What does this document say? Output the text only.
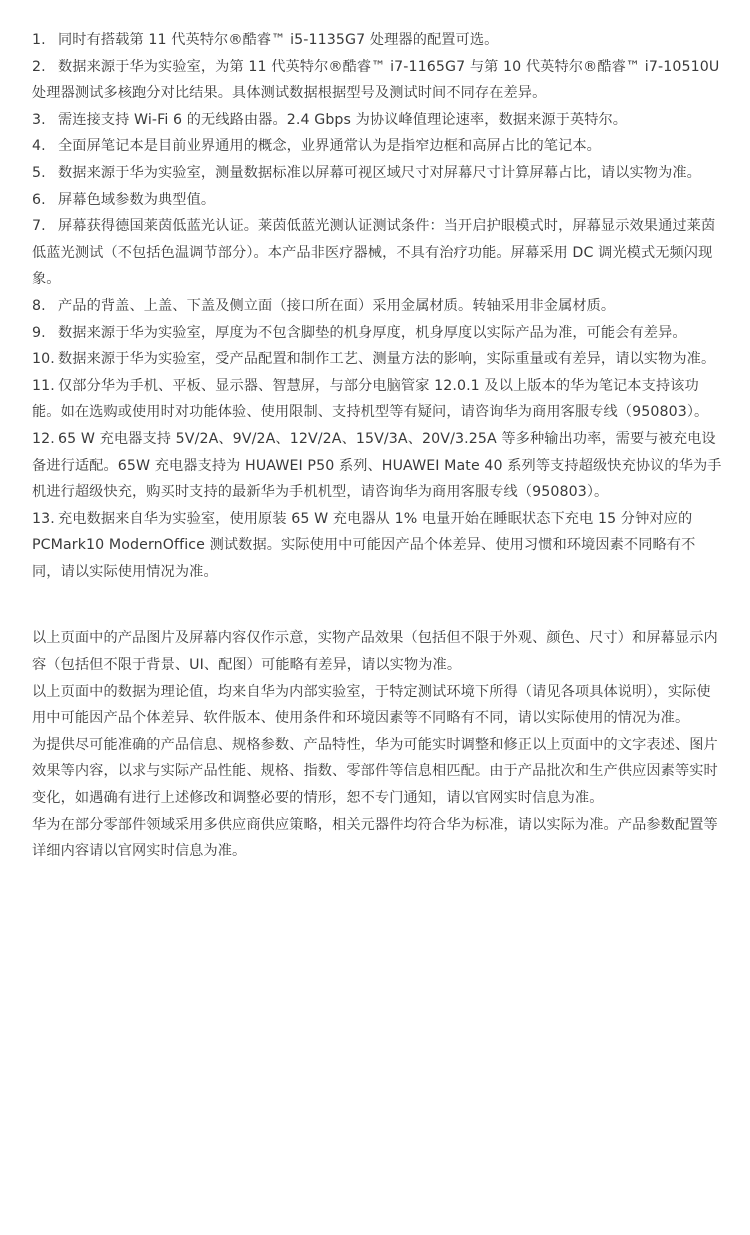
1. 同时有搭载第 11 代英特尔®酷睿™ i5-1135G7 处理器的配置可选。
2. 数据来源于华为实验室，为第 11 代英特尔®酷睿™ i7-1165G7 与第 10 代英特尔®酷睿™ i7-10510U 处理器测试多核跑分对比结果。具体测试数据根据型号及测试时间不同存在差异。
3. 需连接支持 Wi-Fi 6 的无线路由器。2.4 Gbps 为协议峰值理论速率，数据来源于英特尔。
4. 全面屏笔记本是目前业界通用的概念，业界通常认为是指窄边框和高屏占比的笔记本。
5. 数据来源于华为实验室，测量数据标准以屏幕可视区域尺寸对屏幕尺寸计算屏幕占比，请以实物为准。
6. 屏幕色域参数为典型值。
7. 屏幕获得德国莱茵低蓝光认证。莱茵低蓝光测认证测试条件：当开启护眼模式时，屏幕显示效果通过莱茵低蓝光测试（不包括色温调节部分）。本产品非医疗器械，不具有治疗功能。屏幕采用 DC 调光模式无频闪现象。
8. 产品的背盖、上盖、下盖及侧立面（接口所在面）采用金属材质。转轴采用非金属材质。
9. 数据来源于华为实验室，厚度为不包含脚垫的机身厚度，机身厚度以实际产品为准，可能会有差异。
10. 数据来源于华为实验室，受产品配置和制作工艺、测量方法的影响，实际重量或有差异，请以实物为准。
11. 仅部分华为手机、平板、显示器、智慧屏，与部分电脑管家 12.0.1 及以上版本的华为笔记本支持该功能。如在选购或使用时对功能体验、使用限制、支持机型等有疑问，请咨询华为商用客服专线（950803）。
12. 65 W 充电器支持 5V/2A、9V/2A、12V/2A、15V/3A、20V/3.25A 等多种输出功率，需要与被充电设备进行适配。65W 充电器支持为 HUAWEI P50 系列、HUAWEI Mate 40 系列等支持超级快充协议的华为手机进行超级快充，购买时支持的最新华为手机机型，请咨询华为商用客服专线（950803）。
13. 充电数据来自华为实验室，使用原装 65 W 充电器从 1% 电量开始在睡眠状态下充电 15 分钟对应的 PCMark10 ModernOffice 测试数据。实际使用中可能因产品个体差异、使用习惯和环境因素不同略有不同，请以实际使用情况为准。

以上页面中的产品图片及屏幕内容仅作示意，实物产品效果（包括但不限于外观、颜色、尺寸）和屏幕显示内容（包括但不限于背景、UI、配图）可能略有差异，请以实物为准。

以上页面中的数据为理论值，均来自华为内部实验室，于特定测试环境下所得（请见各项具体说明），实际使用中可能因产品个体差异、软件版本、使用条件和环境因素等不同略有不同，请以实际使用的情况为准。

为提供尽可能准确的产品信息、规格参数、产品特性，华为可能实时调整和修正以上页面中的文字表述、图片效果等内容，以求与实际产品性能、规格、指数、零部件等信息相匹配。由于产品批次和生产供应因素等实时变化，如遇确有进行上述修改和调整必要的情形，恕不专门通知，请以官网实时信息为准。

华为在部分零部件领域采用多供应商供应策略，相关元器件均符合华为标准，请以实际为准。产品参数配置等详细内容请以官网实时信息为准。
